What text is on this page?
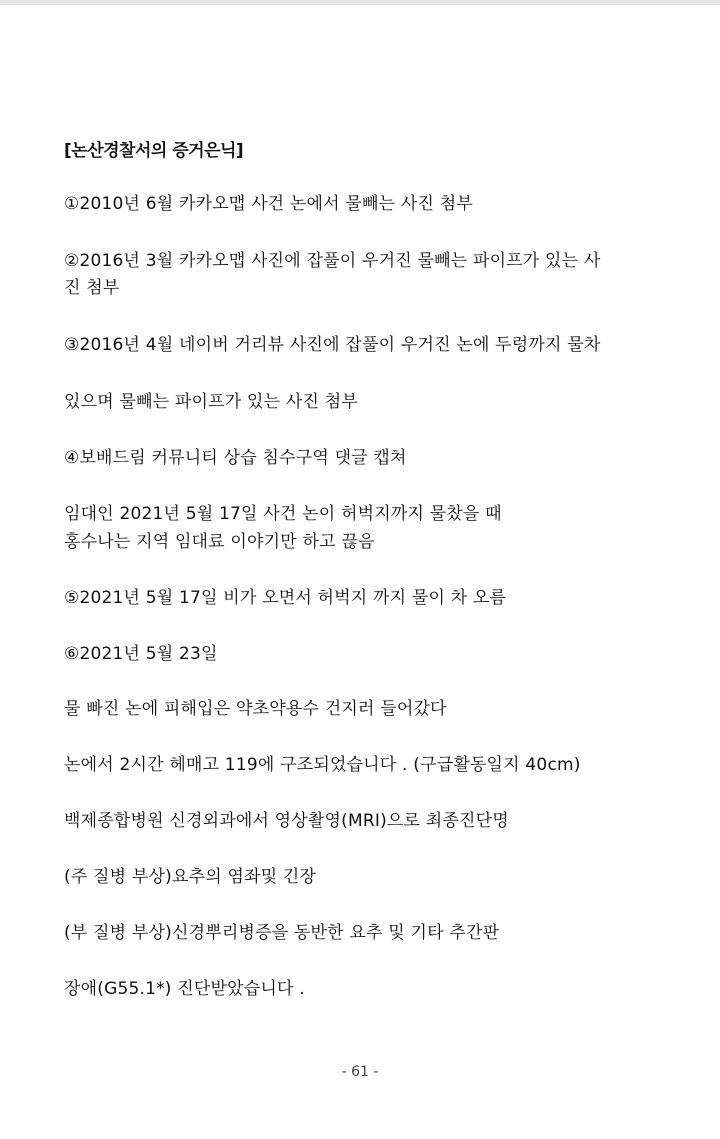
[논산경찰서의 증거은닉]
①2010년 6월 카카오맵 사건 논에서 물빼는 사진 첨부
②2016년 3월 카카오맵 사진에 잡풀이 우거진 물빼는 파이프가 있는 사
진 첨부
③2016년 4월 네이버 거리뷰 사진에 잡풀이 우거진 논에 두렁까지 물차
있으며 물빼는 파이프가 있는 사진 첨부
④보배드림 커뮤니티 상습 침수구역 댓글 캡쳐
임대인 2021년 5월 17일 사건 논이 허벅지까지 물찼을 때
홍수나는 지역 임대료 이야기만 하고 끊음
⑤2021년 5월 17일 비가 오면서 허벅지 까지 물이 차 오름
⑥2021년 5월 23일
물 빠진 논에 피해입은 약초약용수 건지러 들어갔다
논에서 2시간 헤매고 119에 구조되었습니다 . (구급활동일지 40cm)
백제종합병원 신경외과에서 영상촬영(MRI)으로 최종진단명
(주 질병 부상)요추의 염좌및 긴장
(부 질병 부상)신경뿌리병증을 동반한 요추 및 기타 추간판
장애(G55.1*) 진단받았습니다 .
- 61 -
